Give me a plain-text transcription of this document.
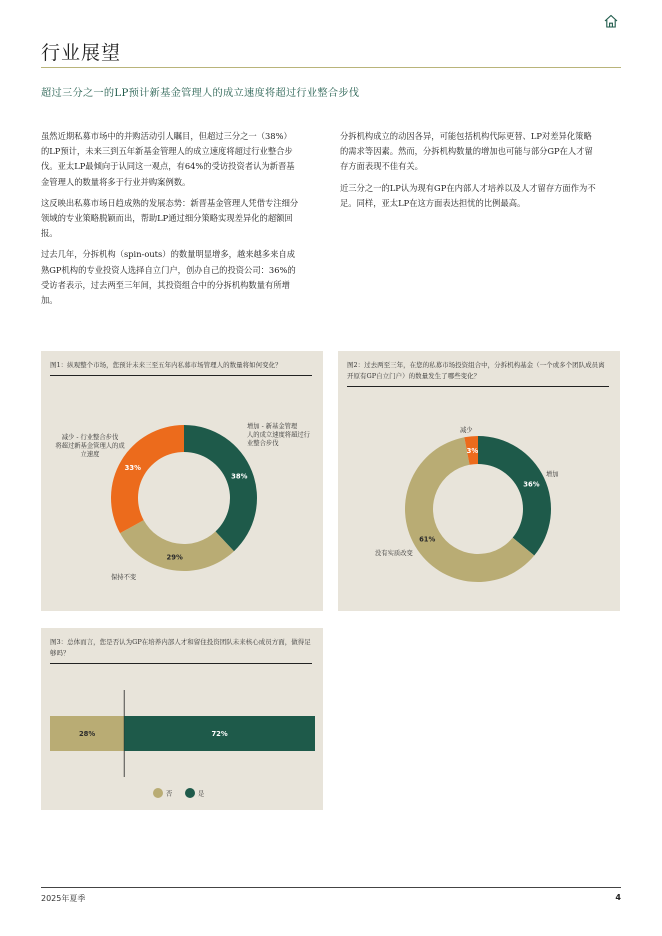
行业展望
超过三分之一的LP预计新基金管理人的成立速度将超过行业整合步伐

虽然近期私募市场中的并购活动引人瞩目，但超过三分之一（38%）的LP预计，未来三到五年新基金管理人的成立速度将超过行业整合步伐。亚太LP最倾向于认同这一观点，有64%的受访投资者认为新晋基金管理人的数量将多于行业并购案例数。

这反映出私募市场日趋成熟的发展态势：新晋基金管理人凭借专注细分领域的专业策略脱颖而出，帮助LP通过细分策略实现差异化的超额回报。

过去几年，分拆机构（spin-outs）的数量明显增多，越来越多来自成熟GP机构的专业投资人选择自立门户，创办自己的投资公司：36%的受访者表示，过去两至三年间，其投资组合中的分拆机构数量有所增加。

分拆机构成立的动因各异，可能包括机构代际更替、LP对差异化策略的需求等因素。然而，分拆机构数量的增加也可能与部分GP在人才留存方面表现不佳有关。

近三分之一的LP认为现有GP在内部人才培养以及人才留存方面作为不足。同样，亚太LP在这方面表达担忧的比例最高。

图1：纵观整个市场，您预计未来三至五年内私募市场管理人的数量将如何变化？
38%
29%
33%
增加 - 新基金管理人的成立速度将超过行业整合步伐
保持不变
减少 - 行业整合步伐将超过新基金管理人的成立速度
图2：过去两至三年，在您的私募市场投资组合中，分拆机构基金（一个或多个团队成员离开原有GP自立门户）的数量发生了哪些变化？
36%
61%
3%
增加
没有实质改变
减少
图3：总体而言，您是否认为GP在培养内部人才和留住投资团队未来核心成员方面，做得足够吗？
28%	72%
否	是
2025年夏季	4
